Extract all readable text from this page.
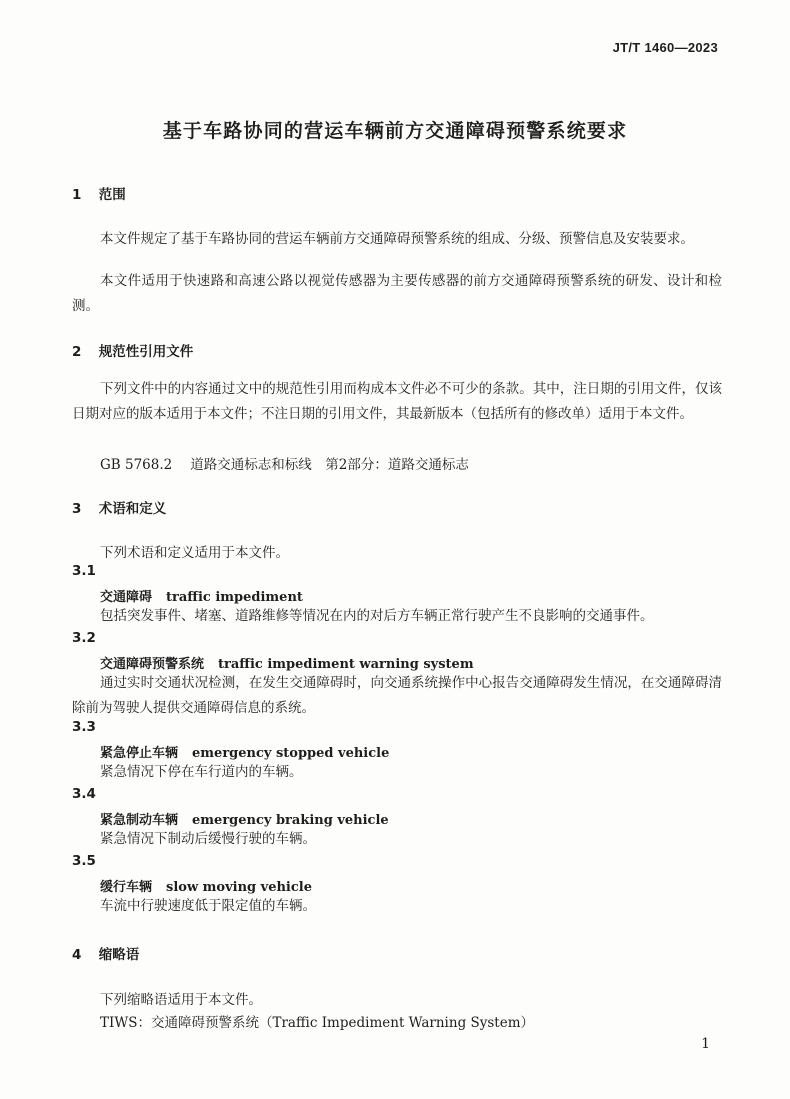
JT/T 1460—2023
基于车路协同的营运车辆前方交通障碍预警系统要求
1 范围
本文件规定了基于车路协同的营运车辆前方交通障碍预警系统的组成、分级、预警信息及安装要求。
本文件适用于快速路和高速公路以视觉传感器为主要传感器的前方交通障碍预警系统的研发、设计和检测。
2 规范性引用文件
下列文件中的内容通过文中的规范性引用而构成本文件必不可少的条款。其中，注日期的引用文件，仅该日期对应的版本适用于本文件；不注日期的引用文件，其最新版本（包括所有的修改单）适用于本文件。
GB 5768.2 道路交通标志和标线　第2部分：道路交通标志
3 术语和定义
下列术语和定义适用于本文件。
3.1
交通障碍 traffic impediment
包括突发事件、堵塞、道路维修等情况在内的对后方车辆正常行驶产生不良影响的交通事件。
3.2
交通障碍预警系统 traffic impediment warning system
通过实时交通状况检测，在发生交通障碍时，向交通系统操作中心报告交通障碍发生情况，在交通障碍清除前为驾驶人提供交通障碍信息的系统。
3.3
紧急停止车辆 emergency stopped vehicle
紧急情况下停在车行道内的车辆。
3.4
紧急制动车辆 emergency braking vehicle
紧急情况下制动后缓慢行驶的车辆。
3.5
缓行车辆 slow moving vehicle
车流中行驶速度低于限定值的车辆。
4 缩略语
下列缩略语适用于本文件。
TIWS：交通障碍预警系统（Traffic Impediment Warning System）
1
